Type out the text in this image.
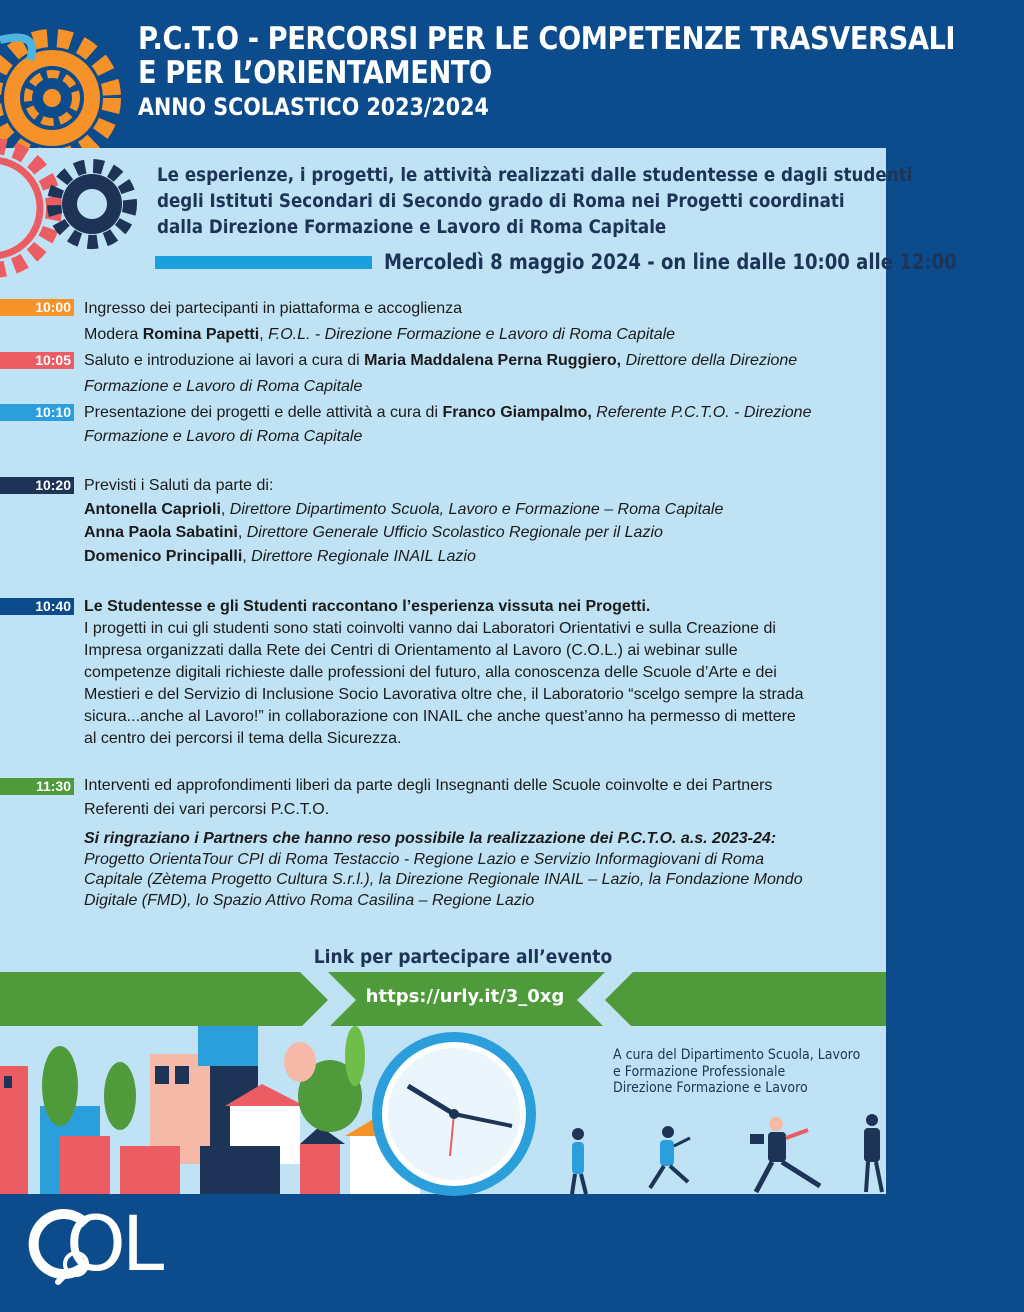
P.C.T.O - PERCORSI PER LE COMPETENZE TRASVERSALI
E PER L’ORIENTAMENTO
ANNO SCOLASTICO 2023/2024
Le esperienze, i progetti, le attività realizzati dalle studentesse e dagli studenti
degli Istituti Secondari di Secondo grado di Roma nei Progetti coordinati
dalla Direzione Formazione e Lavoro di Roma Capitale
Mercoledì 8 maggio 2024 - on line dalle 10:00 alle 12:00
10:00 Ingresso dei partecipanti in piattaforma e accoglienza
Modera Romina Papetti, F.O.L. - Direzione Formazione e Lavoro di Roma Capitale
10:05 Saluto e introduzione ai lavori a cura di Maria Maddalena Perna Ruggiero, Direttore della Direzione
Formazione e Lavoro di Roma Capitale
10:10 Presentazione dei progetti e delle attività a cura di Franco Giampalmo, Referente P.C.T.O. - Direzione
Formazione e Lavoro di Roma Capitale
10:20 Previsti i Saluti da parte di:
Antonella Caprioli, Direttore Dipartimento Scuola, Lavoro e Formazione – Roma Capitale
Anna Paola Sabatini, Direttore Generale Ufficio Scolastico Regionale per il Lazio
Domenico Principalli, Direttore Regionale INAIL Lazio
10:40 Le Studentesse e gli Studenti raccontano l’esperienza vissuta nei Progetti.
I progetti in cui gli studenti sono stati coinvolti vanno dai Laboratori Orientativi e sulla Creazione di
Impresa organizzati dalla Rete dei Centri di Orientamento al Lavoro (C.O.L.) ai webinar sulle
competenze digitali richieste dalle professioni del futuro, alla conoscenza delle Scuole d’Arte e dei
Mestieri e del Servizio di Inclusione Socio Lavorativa oltre che, il Laboratorio “scelgo sempre la strada
sicura...anche al Lavoro!” in collaborazione con INAIL che anche quest’anno ha permesso di mettere
al centro dei percorsi il tema della Sicurezza.
11:30 Interventi ed approfondimenti liberi da parte degli Insegnanti delle Scuole coinvolte e dei Partners
Referenti dei vari percorsi P.C.T.O.
Si ringraziano i Partners che hanno reso possibile la realizzazione dei P.C.T.O. a.s. 2023-24:
Progetto OrientaTour CPI di Roma Testaccio - Regione Lazio e Servizio Informagiovani di Roma
Capitale (Zètema Progetto Cultura S.r.l.), la Direzione Regionale INAIL – Lazio, la Fondazione Mondo
Digitale (FMD), lo Spazio Attivo Roma Casilina – Regione Lazio
Link per partecipare all’evento
https://urly.it/3_0xg
A cura del Dipartimento Scuola, Lavoro
e Formazione Professionale
Direzione Formazione e Lavoro
OL
